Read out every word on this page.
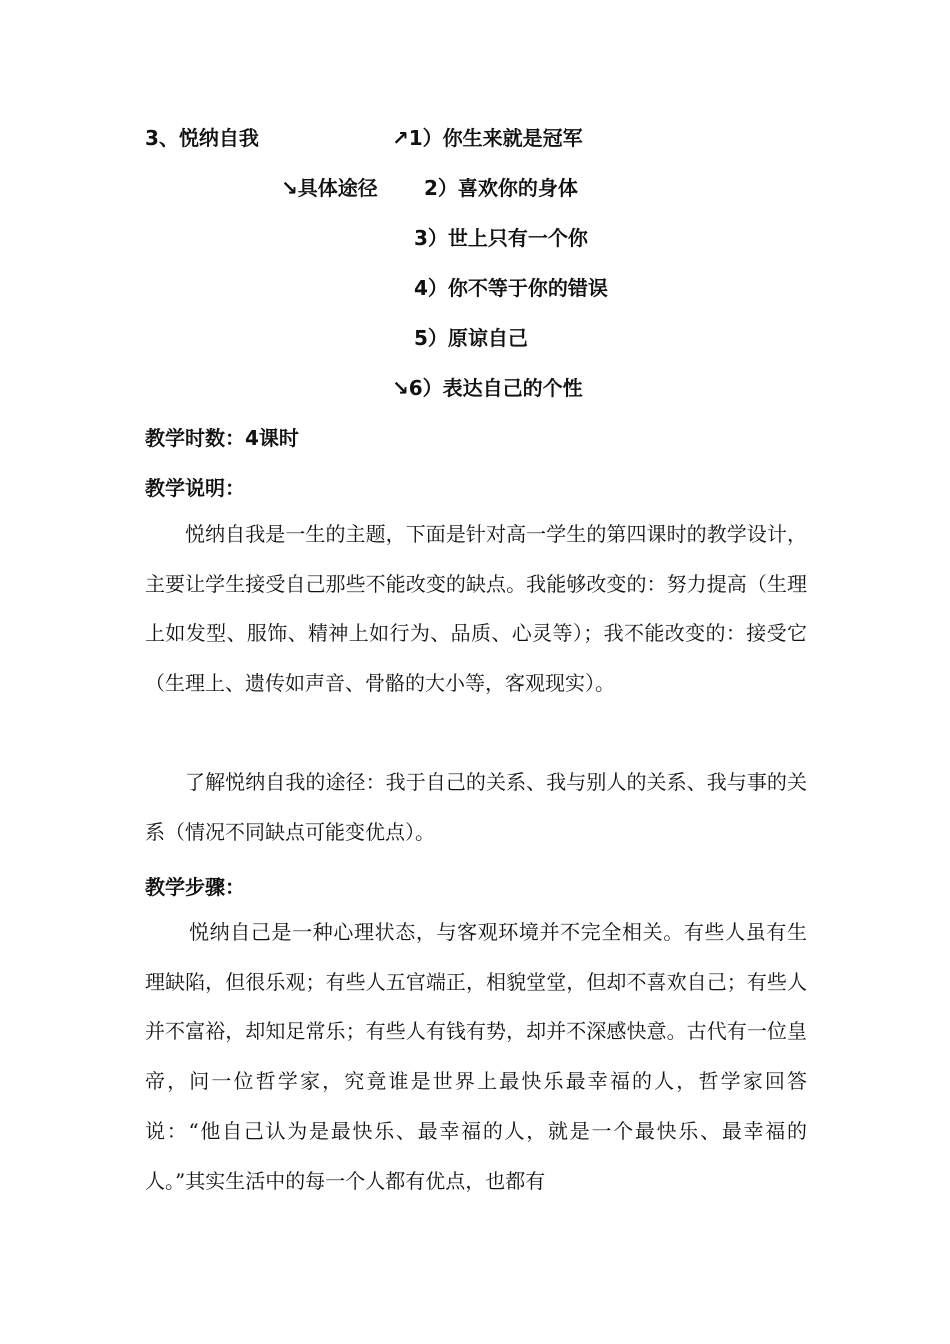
3、悦纳自我	↗1）你生来就是冠军
↘具体途径 2）喜欢你的身体
3）世上只有一个你
4）你不等于你的错误
5）原谅自己
↘6）表达自己的个性
教学时数：4课时
教学说明：

悦纳自我是一生的主题，下面是针对高一学生的第四课时的教学设计，主要让学生接受自己那些不能改变的缺点。我能够改变的：努力提高（生理上如发型、服饰、精神上如行为、品质、心灵等）；我不能改变的：接受它（生理上、遗传如声音、骨骼的大小等，客观现实）。

了解悦纳自我的途径：我于自己的关系、我与别人的关系、我与事的关系（情况不同缺点可能变优点）。

教学步骤：

悦纳自己是一种心理状态，与客观环境并不完全相关。有些人虽有生理缺陷，但很乐观；有些人五官端正，相貌堂堂，但却不喜欢自己；有些人并不富裕，却知足常乐；有些人有钱有势，却并不深感快意。古代有一位皇帝，问一位哲学家，究竟谁是世界上最快乐最幸福的人，哲学家回答说：“他自己认为是最快乐、最幸福的人，就是一个最快乐、最幸福的人。”其实生活中的每一个人都有优点，也都有
